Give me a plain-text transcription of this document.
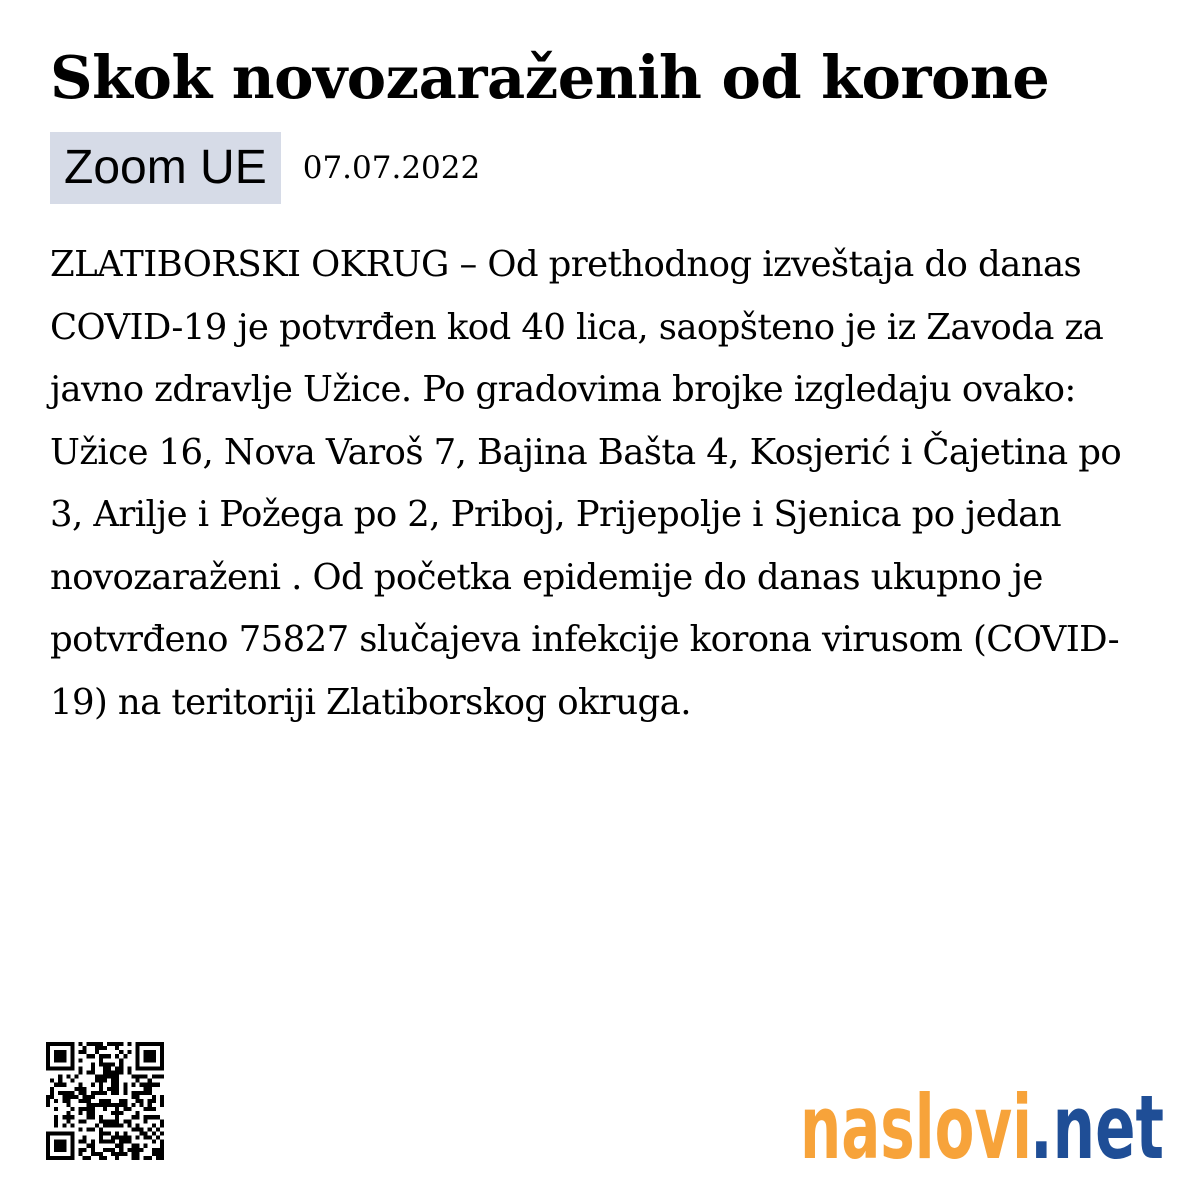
Skok novozaraženih od korone
Zoom UE	07.07.2022

ZLATIBORSKI OKRUG – Od prethodnog izveštaja do danas COVID-19 je potvrđen kod 40 lica, saopšteno je iz Zavoda za javno zdravlje Užice. Po gradovima brojke izgledaju ovako: Užice 16, Nova Varoš 7, Bajina Bašta 4, Kosjerić i Čajetina po 3, Arilje i Požega po 2, Priboj, Prijepolje i Sjenica po jedan novozaraženi . Od početka epidemije do danas ukupno je potvrđeno 75827 slučajeva infekcije korona virusom (COVID-19) na teritoriji Zlatiborskog okruga.

naslovi
.net
